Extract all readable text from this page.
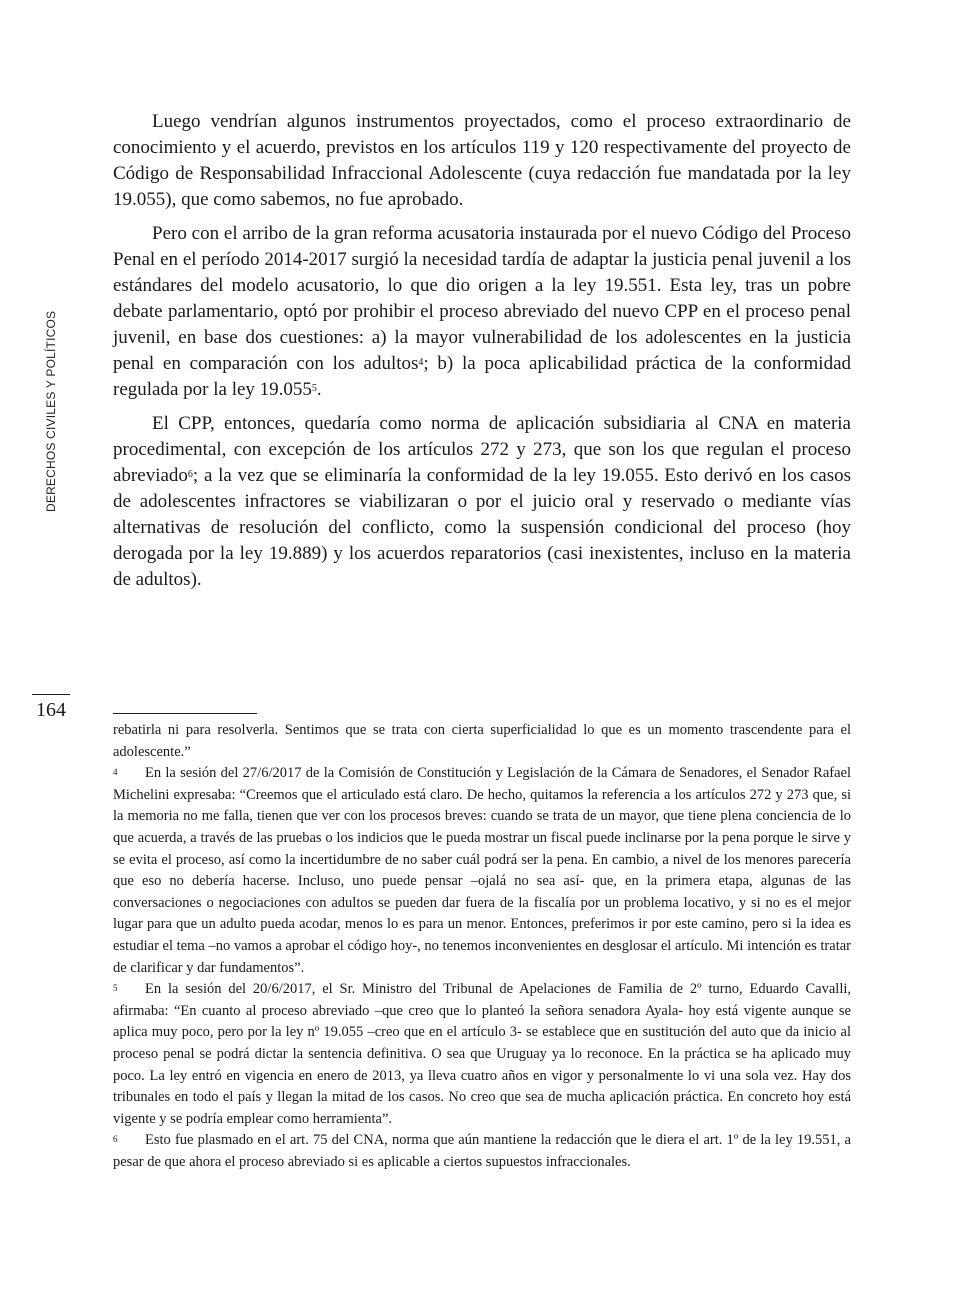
DERECHOS CIVILES Y POLÍTICOS
164

Luego vendrían algunos instrumentos proyectados, como el proceso extraordinario de conocimiento y el acuerdo, previstos en los artículos 119 y 120 respectivamente del proyecto de Código de Responsabilidad Infraccional Adolescente (cuya redacción fue mandatada por la ley 19.055), que como sabemos, no fue aprobado.

Pero con el arribo de la gran reforma acusatoria instaurada por el nuevo Código del Proceso Penal en el período 2014-2017 surgió la necesidad tardía de adaptar la justicia penal juvenil a los estándares del modelo acusatorio, lo que dio origen a la ley 19.551. Esta ley, tras un pobre debate parlamentario, optó por prohibir el proceso abreviado del nuevo CPP en el proceso penal juvenil, en base dos cuestiones: a) la mayor vulnerabilidad de los adolescentes en la justicia penal en comparación con los adultos$^4$; b) la poca aplicabilidad práctica de la conformidad regulada por la ley 19.055$^5$.

El CPP, entonces, quedaría como norma de aplicación subsidiaria al CNA en materia procedimental, con excepción de los artículos 272 y 273, que son los que regulan el proceso abreviado$^6$; a la vez que se eliminaría la conformidad de la ley 19.055. Esto derivó en los casos de adolescentes infractores se viabilizaran o por el juicio oral y reservado o mediante vías alternativas de resolución del conflicto, como la suspensión condicional del proceso (hoy derogada por la ley 19.889) y los acuerdos reparatorios (casi inexistentes, incluso en la materia de adultos).

rebatirla ni para resolverla. Sentimos que se trata con cierta superficialidad lo que es un momento trascendente para el adolescente.”

4 En la sesión del 27/6/2017 de la Comisión de Constitución y Legislación de la Cámara de Senadores, el Senador Rafael Michelini expresaba: “Creemos que el articulado está claro. De hecho, quitamos la referencia a los artículos 272 y 273 que, si la memoria no me falla, tienen que ver con los procesos breves: cuando se trata de un mayor, que tiene plena conciencia de lo que acuerda, a través de las pruebas o los indicios que le pueda mostrar un fiscal puede inclinarse por la pena porque le sirve y se evita el proceso, así como la incertidumbre de no saber cuál podrá ser la pena. En cambio, a nivel de los menores parecería que eso no debería hacerse. Incluso, uno puede pensar –ojalá no sea así- que, en la primera etapa, algunas de las conversaciones o negociaciones con adultos se pueden dar fuera de la fiscalía por un problema locativo, y si no es el mejor lugar para que un adulto pueda acodar, menos lo es para un menor. Entonces, preferimos ir por este camino, pero si la idea es estudiar el tema –no vamos a aprobar el código hoy-, no tenemos inconvenientes en desglosar el artículo. Mi intención es tratar de clarificar y dar fundamentos”.

5 En la sesión del 20/6/2017, el Sr. Ministro del Tribunal de Apelaciones de Familia de 2º turno, Eduardo Cavalli, afirmaba: “En cuanto al proceso abreviado –que creo que lo planteó la señora senadora Ayala- hoy está vigente aunque se aplica muy poco, pero por la ley nº 19.055 –creo que en el artículo 3- se establece que en sustitución del auto que da inicio al proceso penal se podrá dictar la sentencia definitiva. O sea que Uruguay ya lo reconoce. En la práctica se ha aplicado muy poco. La ley entró en vigencia en enero de 2013, ya lleva cuatro años en vigor y personalmente lo vi una sola vez. Hay dos tribunales en todo el país y llegan la mitad de los casos. No creo que sea de mucha aplicación práctica. En concreto hoy está vigente y se podría emplear como herramienta”.

6 Esto fue plasmado en el art. 75 del CNA, norma que aún mantiene la redacción que le diera el art. 1º de la ley 19.551, a pesar de que ahora el proceso abreviado si es aplicable a ciertos supuestos infraccionales.
